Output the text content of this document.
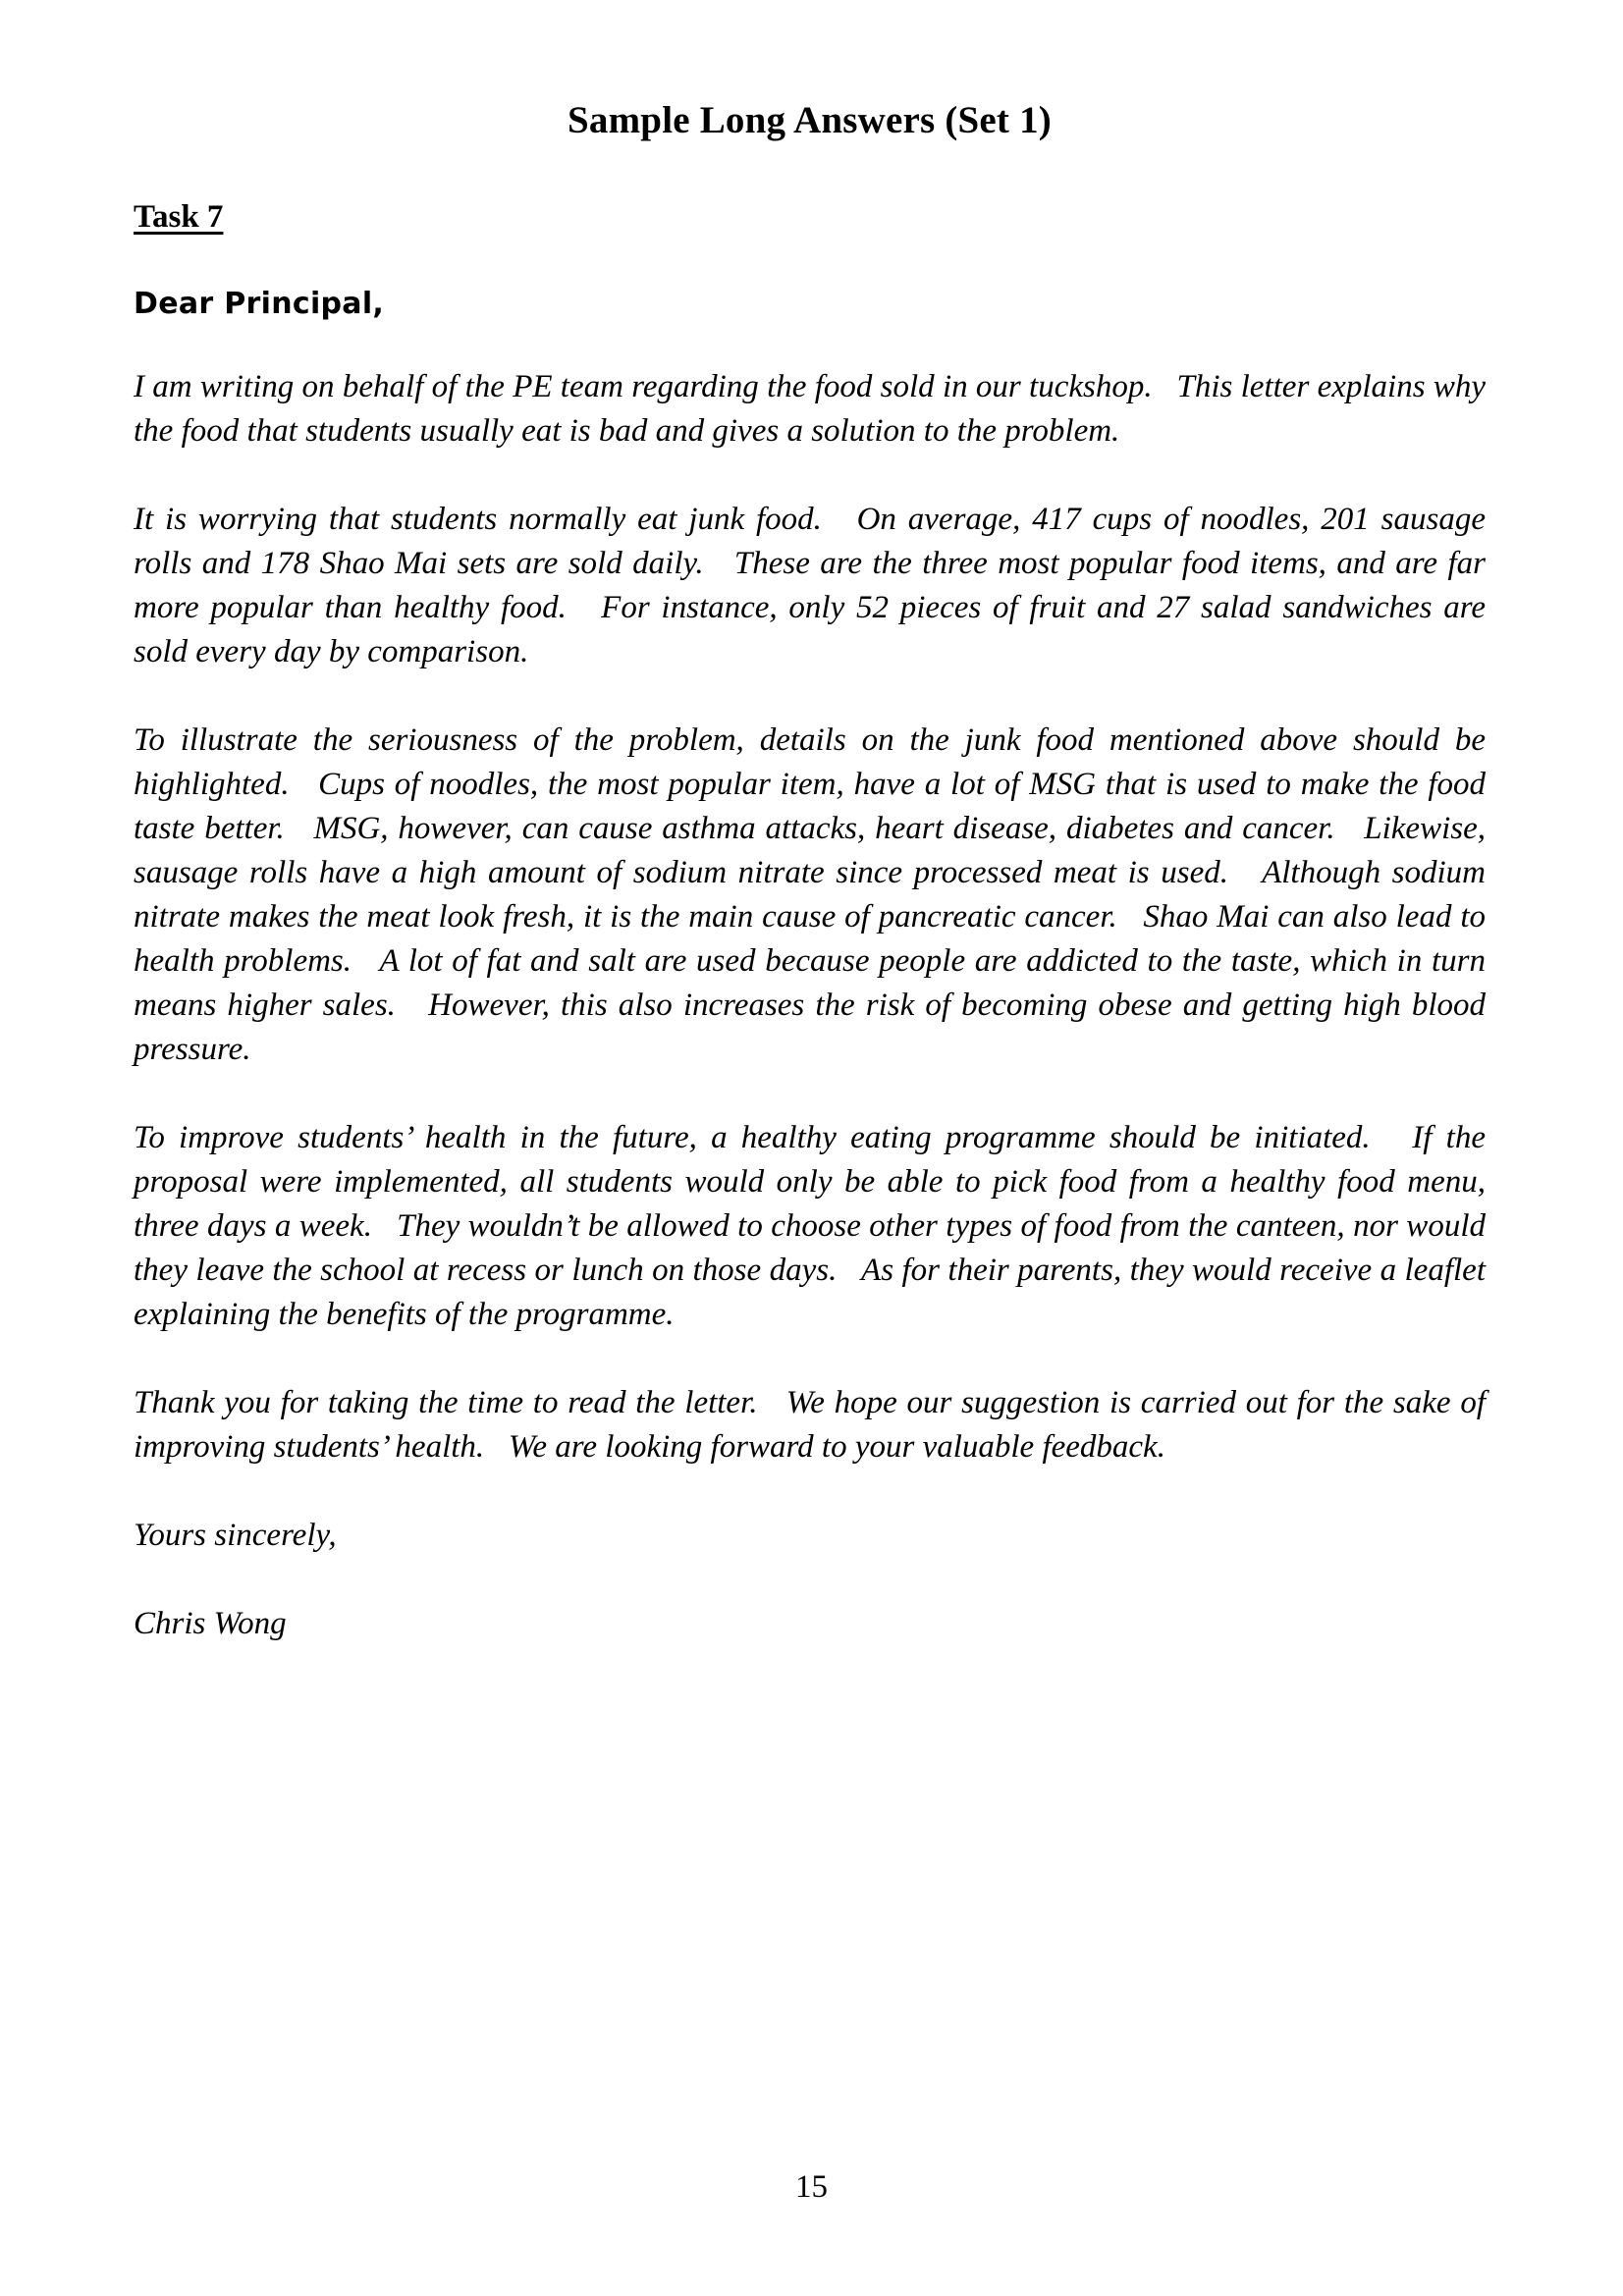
Sample Long Answers (Set 1)
Task 7
Dear Principal,

I am writing on behalf of the PE team regarding the food sold in our tuckshop.   This letter explains why the food that students usually eat is bad and gives a solution to the problem.

It is worrying that students normally eat junk food.   On average, 417 cups of noodles, 201 sausage rolls and 178 Shao Mai sets are sold daily.   These are the three most popular food items, and are far more popular than healthy food.   For instance, only 52 pieces of fruit and 27 salad sandwiches are sold every day by comparison.

To illustrate the seriousness of the problem, details on the junk food mentioned above should be highlighted.   Cups of noodles, the most popular item, have a lot of MSG that is used to make the food taste better.   MSG, however, can cause asthma attacks, heart disease, diabetes and cancer.   Likewise, sausage rolls have a high amount of sodium nitrate since processed meat is used.   Although sodium nitrate makes the meat look fresh, it is the main cause of pancreatic cancer.   Shao Mai can also lead to health problems.   A lot of fat and salt are used because people are addicted to the taste, which in turn means higher sales.   However, this also increases the risk of becoming obese and getting high blood pressure.

To improve students’ health in the future, a healthy eating programme should be initiated.   If the proposal were implemented, all students would only be able to pick food from a healthy food menu, three days a week.   They wouldn’t be allowed to choose other types of food from the canteen, nor would they leave the school at recess or lunch on those days.   As for their parents, they would receive a leaflet explaining the benefits of the programme.

Thank you for taking the time to read the letter.   We hope our suggestion is carried out for the sake of improving students’ health.   We are looking forward to your valuable feedback.

Yours sincerely,
Chris Wong
15
